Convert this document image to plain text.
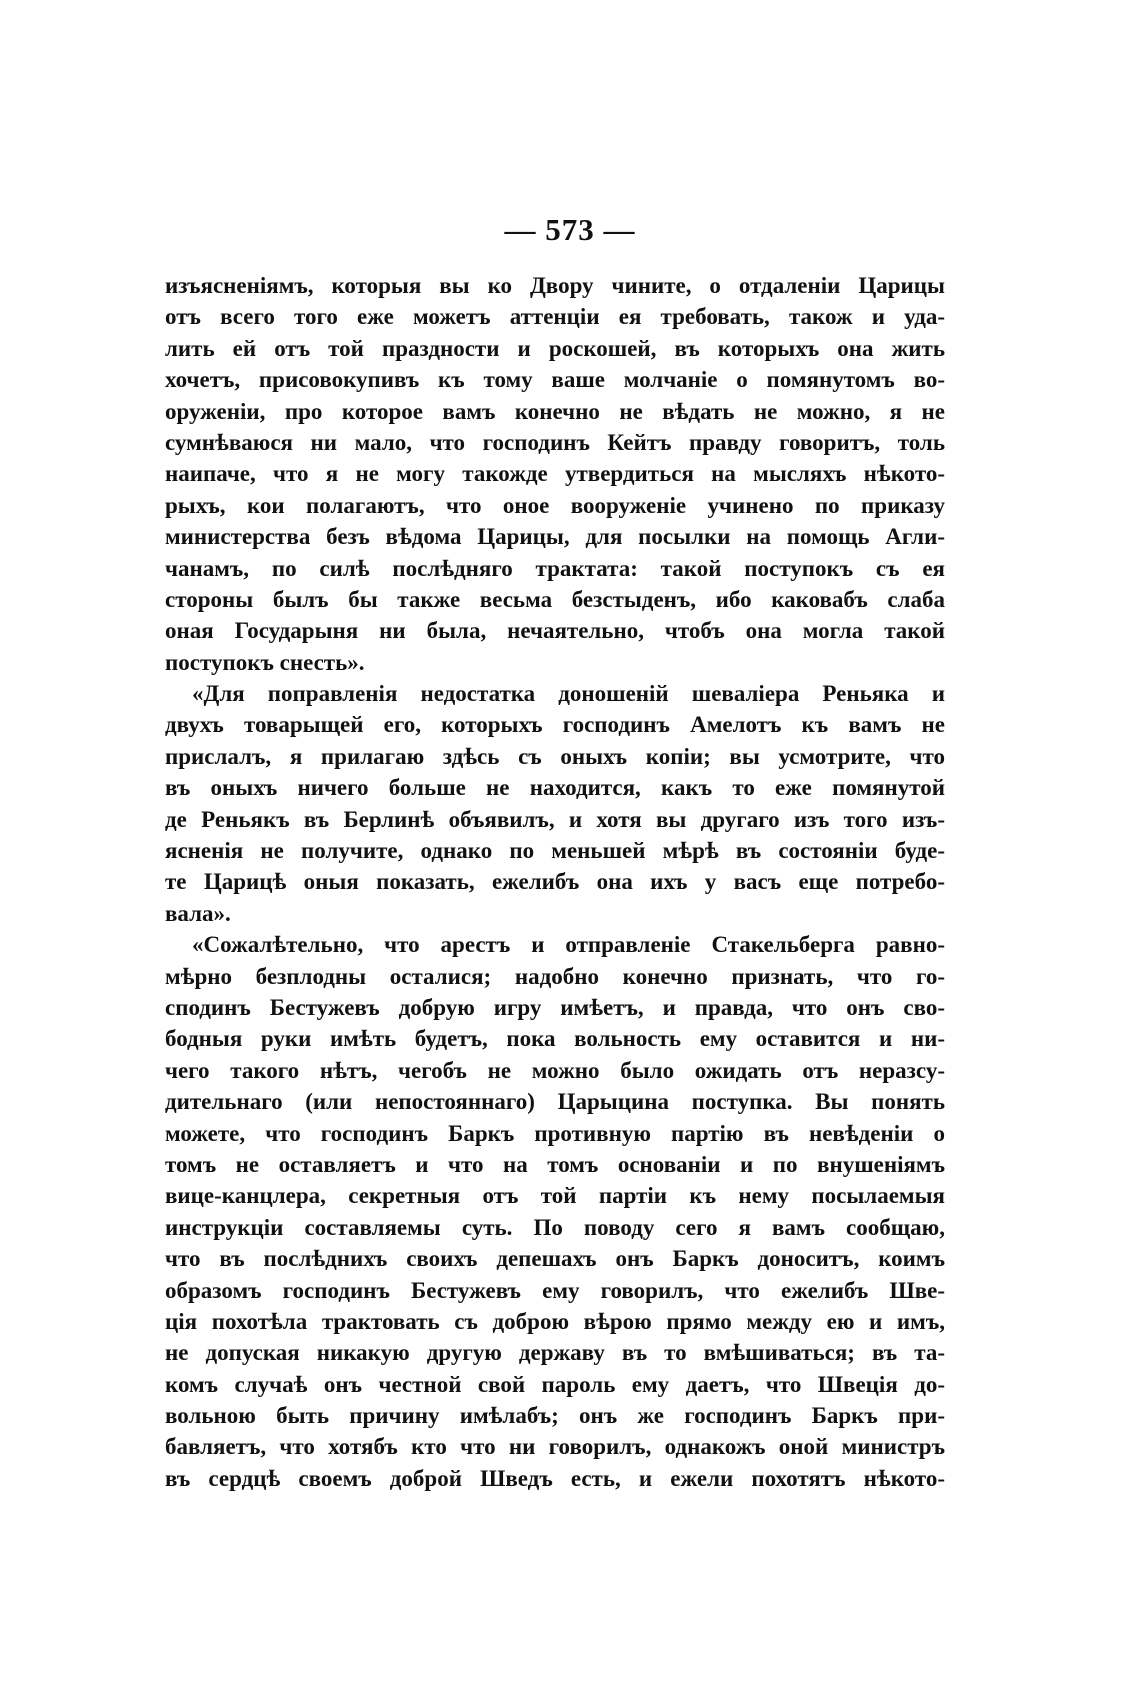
— 573 —
изъясненіямъ, которыя вы ко Двору чините, о отдаленіи Царицы
отъ всего того еже можетъ аттенціи ея требовать, також и уда-
лить ей отъ той праздности и роскошей, въ которыхъ она жить
хочетъ, присовокупивъ къ тому ваше молчаніе о помянутомъ во-
оруженіи, про которое вамъ конечно не вѣдать не можно, я не
сумнѣваюся ни мало, что господинъ Кейтъ правду говоритъ, толь
наипаче, что я не могу такожде утвердиться на мысляхъ нѣкото-
рыхъ, кои полагаютъ, что оное вооруженіе учинено по приказу
министерства безъ вѣдома Царицы, для посылки на помощь Агли-
чанамъ, по силѣ послѣдняго трактата: такой поступокъ съ ея
стороны былъ бы также весьма безстыденъ, ибо каковабъ слаба
оная Государыня ни была, нечаятельно, чтобъ она могла такой
поступокъ снесть».
«Для поправленія недостатка доношеній шевалiера Реньяка и
двухъ товарыщей его, которыхъ господинъ Амелотъ къ вамъ не
прислалъ, я прилагаю здѣсь съ оныхъ копіи; вы усмотрите, что
въ оныхъ ничего больше не находится, какъ то еже помянутой
де Реньякъ въ Берлинѣ объявилъ, и хотя вы другаго изъ того изъ-
ясненія не получите, однако по меньшей мѣрѣ въ состояніи буде-
те Царицѣ оныя показать, ежелибъ она ихъ у васъ еще потребо-
вала».
«Сожалѣтельно, что арестъ и отправленіе Стакельберга равно-
мѣрно безплодны осталися; надобно конечно признать, что го-
сподинъ Бестужевъ добрую игру имѣетъ, и правда, что онъ сво-
бодныя руки имѣть будетъ, пока вольность ему оставится и ни-
чего такого нѣтъ, чегобъ не можно было ожидать отъ неразсу-
дительнаго (или непостояннаго) Царыцина поступка. Вы понять
можете, что господинъ Баркъ противную партію въ невѣденіи о
томъ не оставляетъ и что на томъ основаніи и по внушеніямъ
вице-канцлера, секретныя отъ той партіи къ нему посылаемыя
инструкціи составляемы суть. По поводу сего я вамъ сообщаю,
что въ послѣднихъ своихъ депешахъ онъ Баркъ доноситъ, коимъ
образомъ господинъ Бестужевъ ему говорилъ, что ежелибъ Шве-
ція похотѣла трактовать съ доброю вѣрою прямо между ею и имъ,
не допуская никакую другую державу въ то вмѣшиваться; въ та-
комъ случаѣ онъ честной свой пароль ему даетъ, что Швеція до-
вольною быть причину имѣлабъ; онъ же господинъ Баркъ при-
бавляетъ, что хотябъ кто что ни говорилъ, однакожъ оной министръ
въ сердцѣ своемъ доброй Шведъ есть, и ежели похотятъ нѣкото-
